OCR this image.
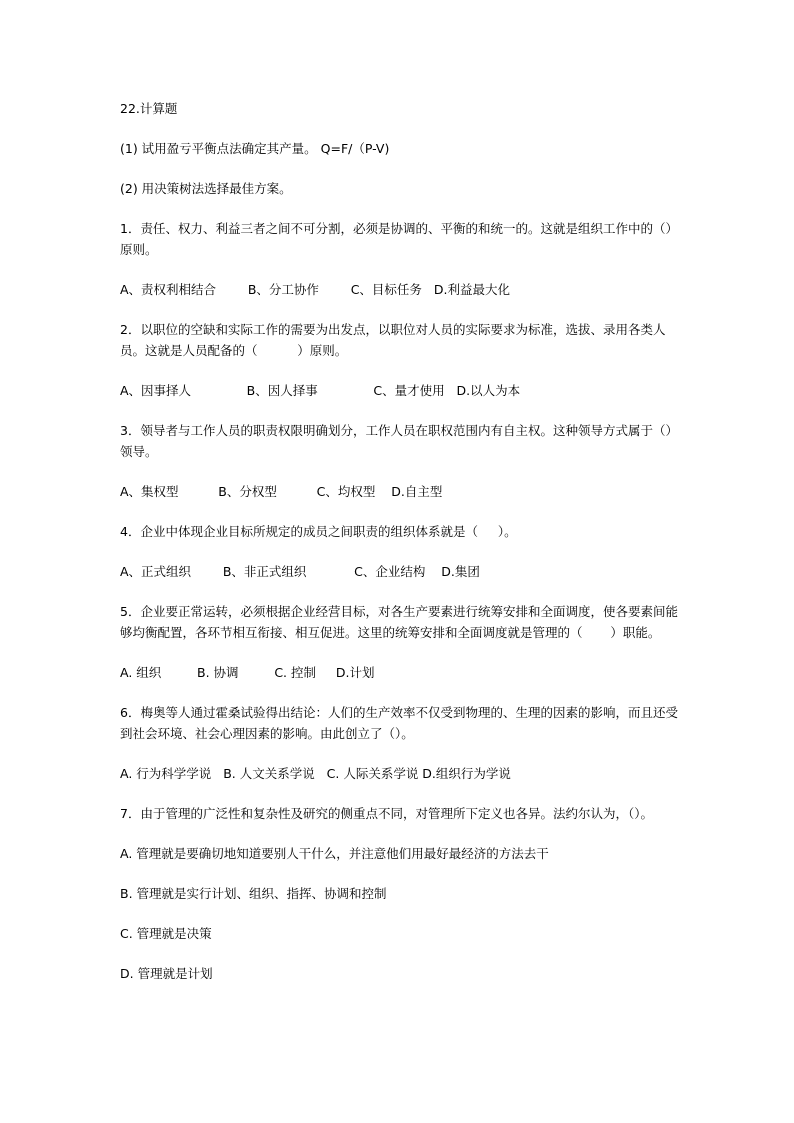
22.计算题

(1) 试用盈亏平衡点法确定其产量。 Q=F/（P-V)

(2) 用决策树法选择最佳方案。

1．责任、权力、利益三者之间不可分割，必须是协调的、平衡的和统一的。这就是组织工作中的（）原则。

A、责权利相结合        B、分工协作        C、目标任务   D.利益最大化

2．以职位的空缺和实际工作的需要为出发点，以职位对人员的实际要求为标准，选拔、录用各类人员。这就是人员配备的（          ）原则。

A、因事择人              B、因人择事              C、量才使用   D.以人为本

3．领导者与工作人员的职责权限明确划分，工作人员在职权范围内有自主权。这种领导方式属于（）领导。

A、集权型          B、分权型          C、均权型    D.自主型

4．企业中体现企业目标所规定的成员之间职责的组织体系就是（     ）。

A、正式组织        B、非正式组织            C、企业结构    D.集团

5．企业要正常运转，必须根据企业经营目标，对各生产要素进行统筹安排和全面调度，使各要素间能够均衡配置，各环节相互衔接、相互促进。这里的统筹安排和全面调度就是管理的（       ）职能。

A. 组织         B. 协调         C. 控制     D.计划

6．梅奥等人通过霍桑试验得出结论：人们的生产效率不仅受到物理的、生理的因素的影响，而且还受到社会环境、社会心理因素的影响。由此创立了（）。

A. 行为科学学说   B. 人文关系学说   C. 人际关系学说 D.组织行为学说

7．由于管理的广泛性和复杂性及研究的侧重点不同，对管理所下定义也各异。法约尔认为，（）。

A. 管理就是要确切地知道要别人干什么，并注意他们用最好最经济的方法去干

B. 管理就是实行计划、组织、指挥、协调和控制

C. 管理就是决策

D. 管理就是计划
